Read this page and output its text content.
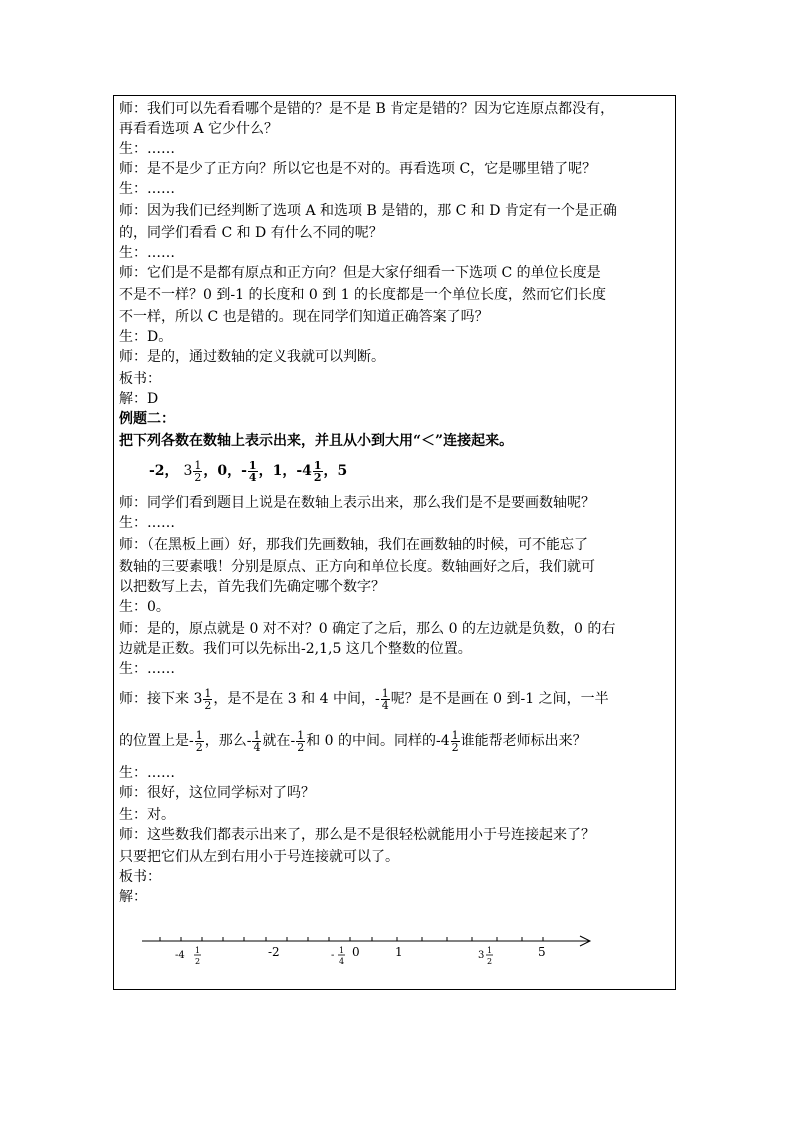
师：我们可以先看看哪个是错的？是不是 B 肯定是错的？因为它连原点都没有，
再看看选项 A 它少什么？
生：……
师：是不是少了正方向？所以它也是不对的。再看选项 C，它是哪里错了呢？
生：……
师：因为我们已经判断了选项 A 和选项 B 是错的，那 C 和 D 肯定有一个是正确
的，同学们看看 C 和 D 有什么不同的呢？
生：……
师：它们是不是都有原点和正方向？但是大家仔细看一下选项 C 的单位长度是
不是不一样？0 到-1 的长度和 0 到 1 的长度都是一个单位长度，然而它们长度
不一样，所以 C 也是错的。现在同学们知道正确答案了吗？
生：D。
师：是的，通过数轴的定义我就可以判断。
板书：
解：D
例题二：
把下列各数在数轴上表示出来，并且从小到大用“＜”连接起来。
-2， $3 \frac{1}{2}$ ，0，- $\frac{1}{4}$ ，1，$-4 \frac{1}{2}$ ，5
师：同学们看到题目上说是在数轴上表示出来，那么我们是不是要画数轴呢？
生：……
师：（在黑板上画）好，那我们先画数轴，我们在画数轴的时候，可不能忘了
数轴的三要素哦！分别是原点、正方向和单位长度。数轴画好之后，我们就可
以把数写上去，首先我们先确定哪个数字？
生：0。
师：是的，原点就是 0 对不对？0 确定了之后，那么 0 的左边就是负数，0 的右
边就是正数。我们可以先标出-2,1,5 这几个整数的位置。
生：……
师：接下来 $3 \frac{1}{2}$ ，是不是在 3 和 4 中间，- $\frac{1}{4}$ 呢？是不是画在 0 到-1 之间，一半
的位置上是- $\frac{1}{2}$ ，那么- $\frac{1}{4}$ 就在- $\frac{1}{2}$ 和 0 的中间。同样的$-4 \frac{1}{2}$ 谁能帮老师标出来？
生：……
师：很好，这位同学标对了吗？
生：对。
师：这些数我们都表示出来了，那么是不是很轻松就能用小于号连接起来了？
只要把它们从左到右用小于号连接就可以了。
板书：
解：
-4 1
2
-2	- 1
4
0	1	3 1
2
5
